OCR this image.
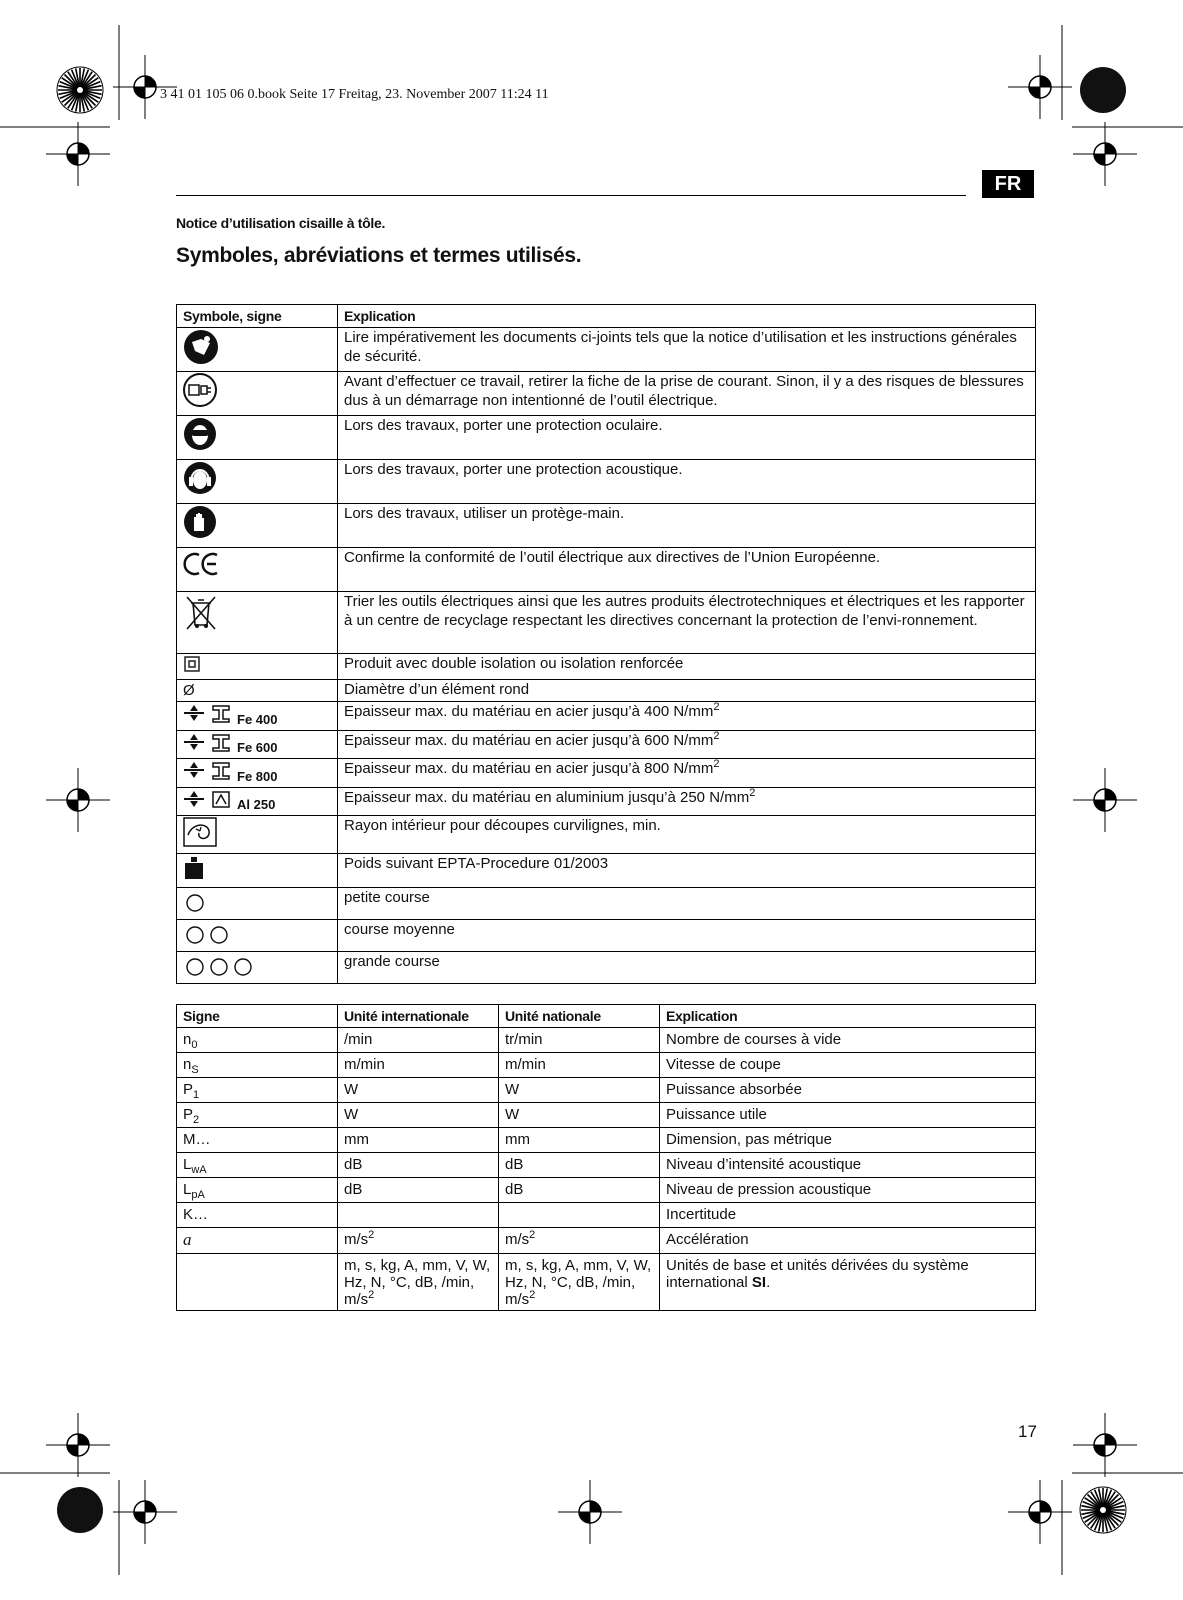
3 41 01 105 06 0.book Seite 17 Freitag, 23. November 2007 11:24 11
FR
Notice d’utilisation cisaille à tôle.
Symboles, abréviations et termes utilisés.
Symbole, signe	Explication
	Lire impérativement les documents ci-joints tels que la notice d’utilisation et les instructions générales de sécurité.
	Avant d’effectuer ce travail, retirer la fiche de la prise de courant. Sinon, il y a des risques de blessures dus à un démarrage non intentionné de l’outil électrique.
	Lors des travaux, porter une protection oculaire.
	Lors des travaux, porter une protection acoustique.
	Lors des travaux, utiliser un protège-main.
	Confirme la conformité de l’outil électrique aux directives de l’Union Européenne.
	Trier les outils électriques ainsi que les autres produits électrotechniques et électriques et les rapporter à un centre de recyclage respectant les directives concernant la protection de l’envi-ronnement.
	Produit avec double isolation ou isolation renforcée
Ø	Diamètre d’un élément rond
Fe 400	Epaisseur max. du matériau en acier jusqu’à 400 $N/mm^2$
Fe 600	Epaisseur max. du matériau en acier jusqu’à 600 $N/mm^2$
Fe 800	Epaisseur max. du matériau en acier jusqu’à 800 $N/mm^2$
Al 250	Epaisseur max. du matériau en aluminium jusqu’à 250 $N/mm^2$
	Rayon intérieur pour découpes curvilignes, min.
	Poids suivant EPTA-Procedure 01/2003
	petite course
	course moyenne
	grande course
Signe	Unité internationale	Unité nationale	Explication
$n_0$	/min	tr/min	Nombre de courses à vide
$n_S$	m/min	m/min	Vitesse de coupe
$P_1$	W	W	Puissance absorbée
$P_2$	W	W	Puissance utile
M…	mm	mm	Dimension, pas métrique
$L_{wA}$	dB	dB	Niveau d’intensité acoustique
$L_{pA}$	dB	dB	Niveau de pression acoustique
K…			Incertitude
a	$m/s^2$	$m/s^2$	Accélération
	m, s, kg, A, mm, V, W, Hz, N, °C, dB, /min, $m/s^2$	m, s, kg, A, mm, V, W, Hz, N, °C, dB, /min, $m/s^2$	Unités de base et unités dérivées du système international SI.
17
